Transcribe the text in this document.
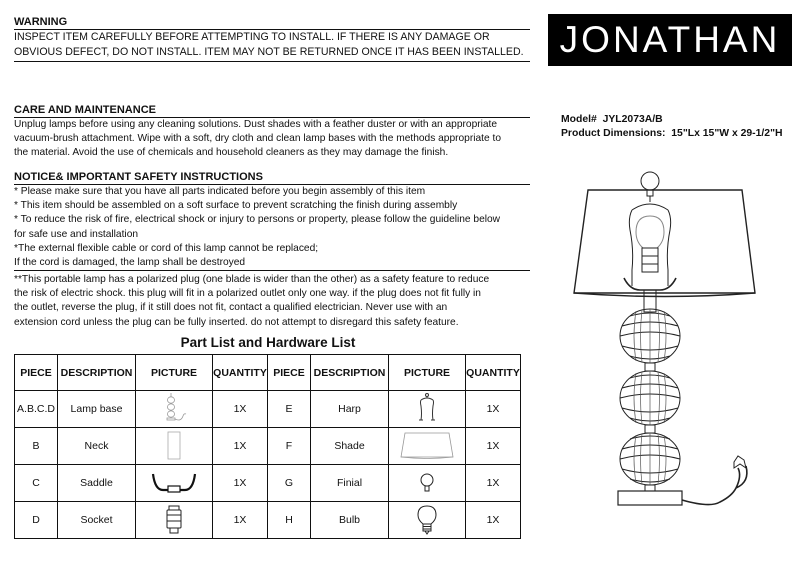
WARNING
INSPECT ITEM CAREFULLY BEFORE ATTEMPTING TO INSTALL. IF THERE IS ANY DAMAGE OR
OBVIOUS DEFECT, DO NOT INSTALL. ITEM MAY NOT BE RETURNED ONCE IT HAS BEEN INSTALLED. JONATHAN Y
CARE AND MAINTENANCE
Unplug lamps before using any cleaning solutions. Dust shades with a feather duster or with an appropriate
vacuum-brush attachment. Wipe with a soft, dry cloth and clean lamp bases with the methods appropriate to
the material. Avoid the use of chemicals and household cleaners as they may damage the finish.
Model# JYL2073A/B
Product Dimensions: 15"Lx 15"W x 29-1/2"H
NOTICE& IMPORTANT SAFETY INSTRUCTIONS
* Please make sure that you have all parts indicated before you begin assembly of this item
* This item should be assembled on a soft surface to prevent scratching the finish during assembly
* To reduce the risk of fire, electrical shock or injury to persons or property, please follow the guideline below
for safe use and installation
*The external flexible cable or cord of this lamp cannot be replaced;
If the cord is damaged, the lamp shall be destroyed
**This portable lamp has a polarized plug (one blade is wider than the other) as a safety feature to reduce
the risk of electric shock. this plug will fit in a polarized outlet only one way. if the plug does not fit fully in
the outlet, reverse the plug, if it still does not fit, contact a qualified electrician. Never use with an
extension cord unless the plug can be fully inserted. do not attempt to disregard this safety feature.
Part List and Hardware List
PIECE	DESCRIPTION	PICTURE	QUANTITY	PIECE	DESCRIPTION	PICTURE	QUANTITY
A.B.C.D	Lamp base		1X	E	Harp		1X
B	Neck		1X	F	Shade		1X
C	Saddle		1X	G	Finial		1X
D	Socket		1X	H	Bulb		1X
